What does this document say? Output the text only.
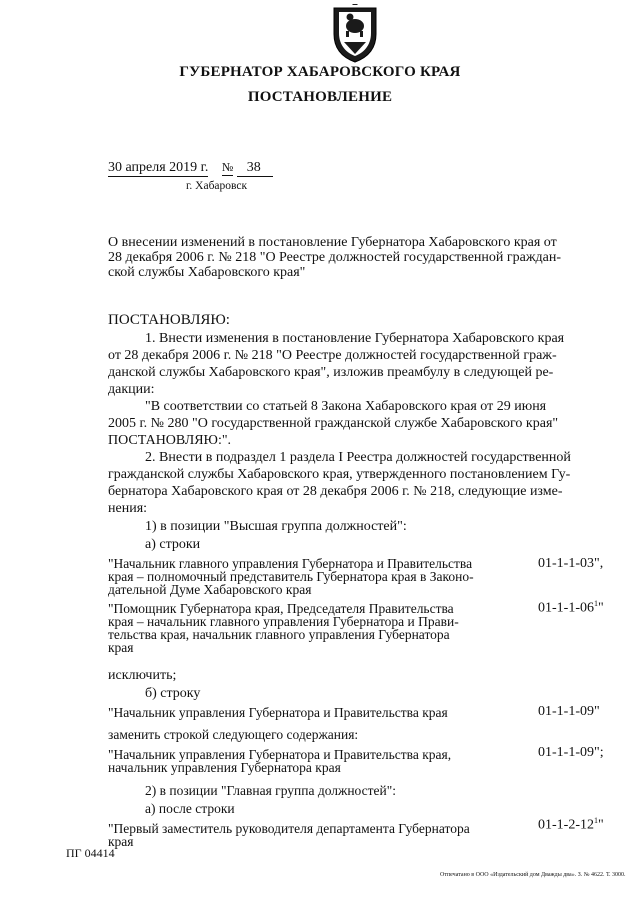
ГУБЕРНАТОР ХАБАРОВСКОГО КРАЯ
ПОСТАНОВЛЕНИЕ
30 апреля 2019 г. № 38
г. Хабаровск
О внесении изменений в постановление Губернатора Хабаровского края от
28 декабря 2006 г. № 218 "О Реестре должностей государственной граждан-
ской службы Хабаровского края"
ПОСТАНОВЛЯЮ:
1. Внести изменения в постановление Губернатора Хабаровского края
от 28 декабря 2006 г. № 218 "О Реестре должностей государственной граж-
данской службы Хабаровского края", изложив преамбулу в следующей ре-
дакции:
"В соответствии со статьей 8 Закона Хабаровского края от 29 июня
2005 г. № 280 "О государственной гражданской службе Хабаровского края"
ПОСТАНОВЛЯЮ:".
2. Внести в подраздел 1 раздела I Реестра должностей государственной
гражданской службы Хабаровского края, утвержденного постановлением Гу-
бернатора Хабаровского края от 28 декабря 2006 г. № 218, следующие изме-
нения:
1) в позиции "Высшая группа должностей":
а) строки
"Начальник главного управления Губернатора и Правительства
края – полномочный представитель Губернатора края в Законо-
дательной Думе Хабаровского края
01-1-1-03",
"Помощник Губернатора края, Председателя Правительства
края – начальник главного управления Губернатора и Прави-
тельства края, начальник главного управления Губернатора
края
$01-1-1-06^1$"
исключить;
б) строку
"Начальник управления Губернатора и Правительства края	01-1-1-09"
заменить строкой следующего содержания:
"Начальник управления Губернатора и Правительства края,
начальник управления Губернатора края
01-1-1-09";
2) в позиции "Главная группа должностей":
а) после строки
"Первый заместитель руководителя департамента Губернатора
края
$01-1-2-12^1$"
ПГ 04414
Отпечатано в ООО «Издательский дом Дважды два». З. № 4622. Т. 3000.
